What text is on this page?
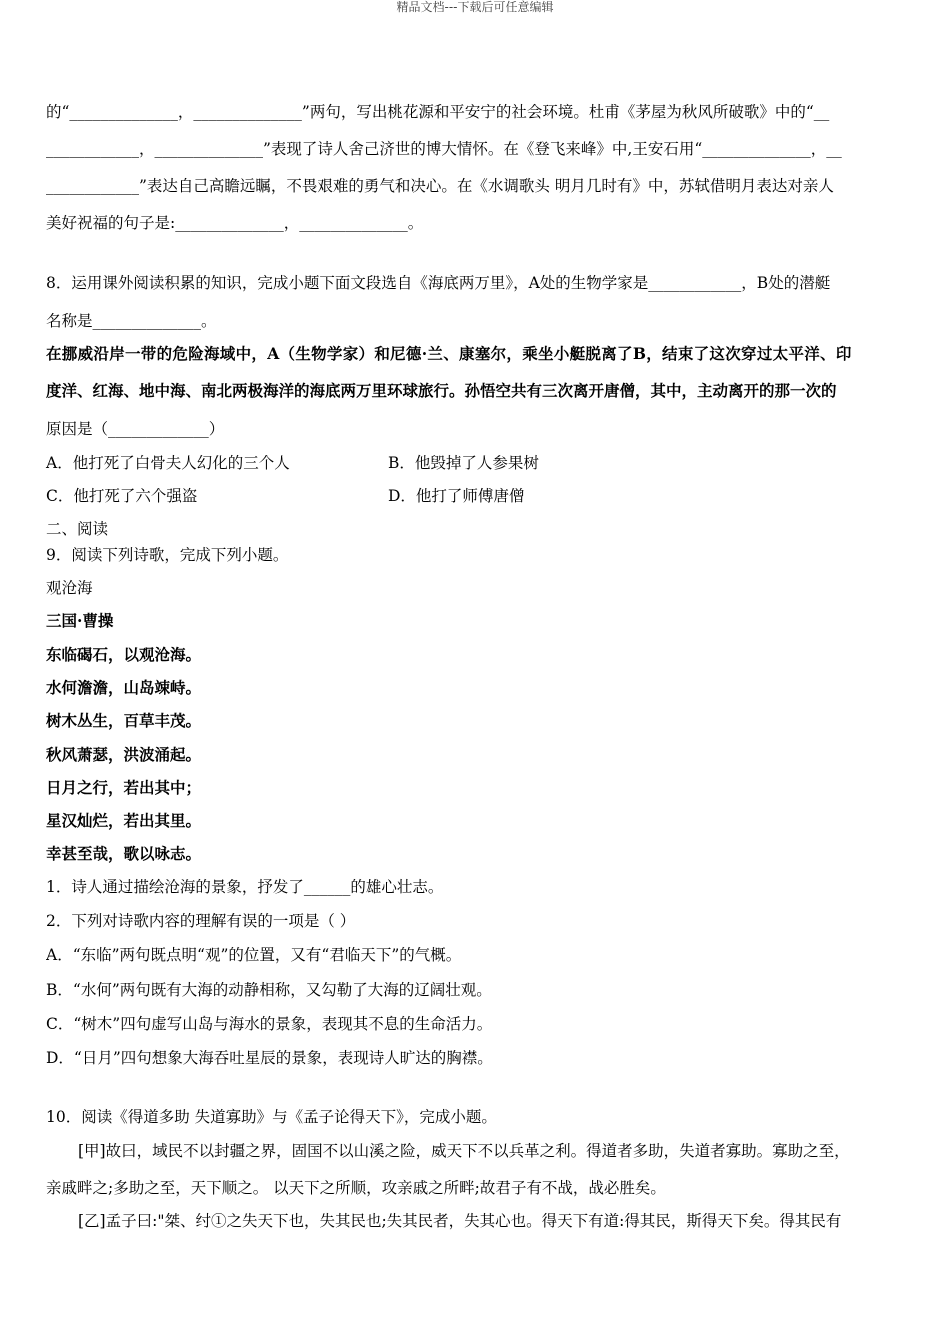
精品文档---下载后可任意编辑
的“______________，______________”两句，写出桃花源和平安宁的社会环境。杜甫《茅屋为秋风所破歌》中的“__
____________，______________”表现了诗人舍己济世的博大情怀。在《登飞来峰》中,王安石用“______________，__
____________”表达自己高瞻远瞩，不畏艰难的勇气和决心。在《水调歌头 明月几时有》中，苏轼借明月表达对亲人
美好祝福的句子是:______________，______________。
8．运用课外阅读积累的知识，完成小题下面文段选自《海底两万里》，A处的生物学家是____________，B处的潜艇
名称是______________。
在挪威沿岸一带的危险海域中，A（生物学家）和尼德·兰、康塞尔，乘坐小艇脱离了B，结束了这次穿过太平洋、印
度洋、红海、地中海、南北两极海洋的海底两万里环球旅行。孙悟空共有三次离开唐僧，其中，主动离开的那一次的
原因是（_____________）
A．他打死了白骨夫人幻化的三个人	B．他毁掉了人参果树
C．他打死了六个强盗	D．他打了师傅唐僧
二、阅读
9．阅读下列诗歌，完成下列小题。
观沧海
三国·曹操
东临碣石，以观沧海。
水何澹澹，山岛竦峙。
树木丛生，百草丰茂。
秋风萧瑟，洪波涌起。
日月之行，若出其中；
星汉灿烂，若出其里。
幸甚至哉，歌以咏志。
1．诗人通过描绘沧海的景象，抒发了______的雄心壮志。
2．下列对诗歌内容的理解有误的一项是（ ）
A．“东临”两句既点明“观”的位置，又有“君临天下”的气概。
B．“水何”两句既有大海的动静相称，又勾勒了大海的辽阔壮观。
C．“树木”四句虚写山岛与海水的景象，表现其不息的生命活力。
D．“日月”四句想象大海吞吐星辰的景象，表现诗人旷达的胸襟。
10．阅读《得道多助 失道寡助》与《孟子论得天下》，完成小题。
[甲]故曰，域民不以封疆之界，固国不以山溪之险，威天下不以兵革之利。得道者多助，失道者寡助。寡助之至，
亲戚畔之;多助之至，天下顺之。 以天下之所顺，攻亲戚之所畔;故君子有不战，战必胜矣。
[乙]孟子曰:"桀、纣①之失天下也，失其民也;失其民者，失其心也。得天下有道:得其民，斯得天下矣。得其民有
